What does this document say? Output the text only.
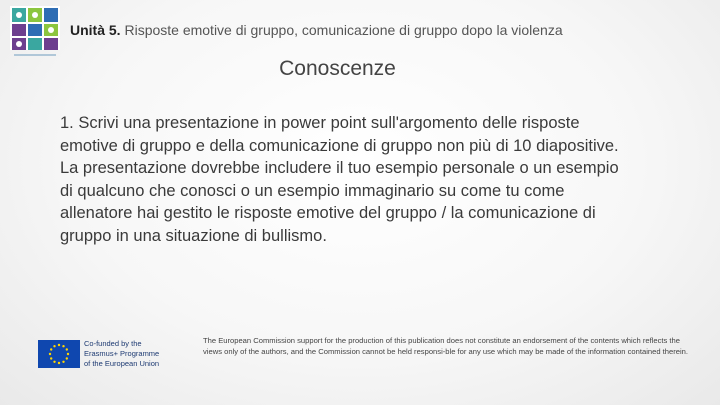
Unità 5. Risposte emotive di gruppo, comunicazione di gruppo dopo la violenza
Conoscenze
1. Scrivi una presentazione in power point sull'argomento delle risposte emotive di gruppo e della comunicazione di gruppo non più di 10 diapositive. La presentazione dovrebbe includere il tuo esempio personale o un esempio di qualcuno che conosci o un esempio immaginario su come tu come allenatore hai gestito le risposte emotive del gruppo / la comunicazione di gruppo in una situazione di bullismo.
Co-funded by the
Erasmus+ Programme
of the European Union
The European Commission support for the production of this publication does not constitute an endorsement of the contents which reflects the views only of the authors, and the Commission cannot be held responsi-ble for any use which may be made of the information contained therein.
